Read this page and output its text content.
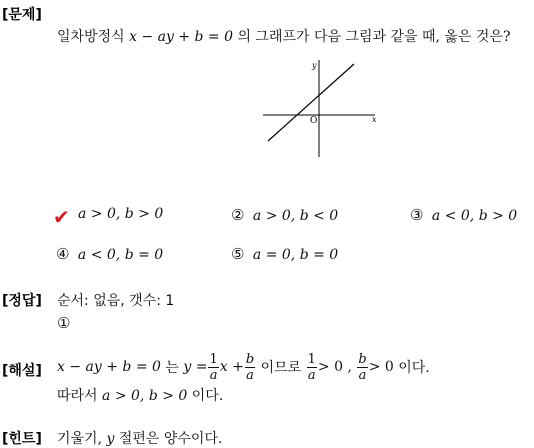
[문제]
일차방정식 x − ay + b = 0 의 그래프가 다음 그림과 같을 때, 옳은 것은?
y
x
O
✔ a > 0, b > 0	② a > 0, b < 0	③ a < 0, b > 0
④ a < 0, b = 0	⑤ a = 0, b = 0
[정답] 순서: 없음, 갯수: 1
①
[해설] x − ay + b = 0
는
$y = \frac{1}{a}$ $x + \frac{b}{a}$
이므로
$\frac{1}{a} > 0$ ,
$\frac{b}{a} > 0$
이다.
따라서 a > 0, b > 0 이다.
[힌트] 기울기, y 절편은 양수이다.
